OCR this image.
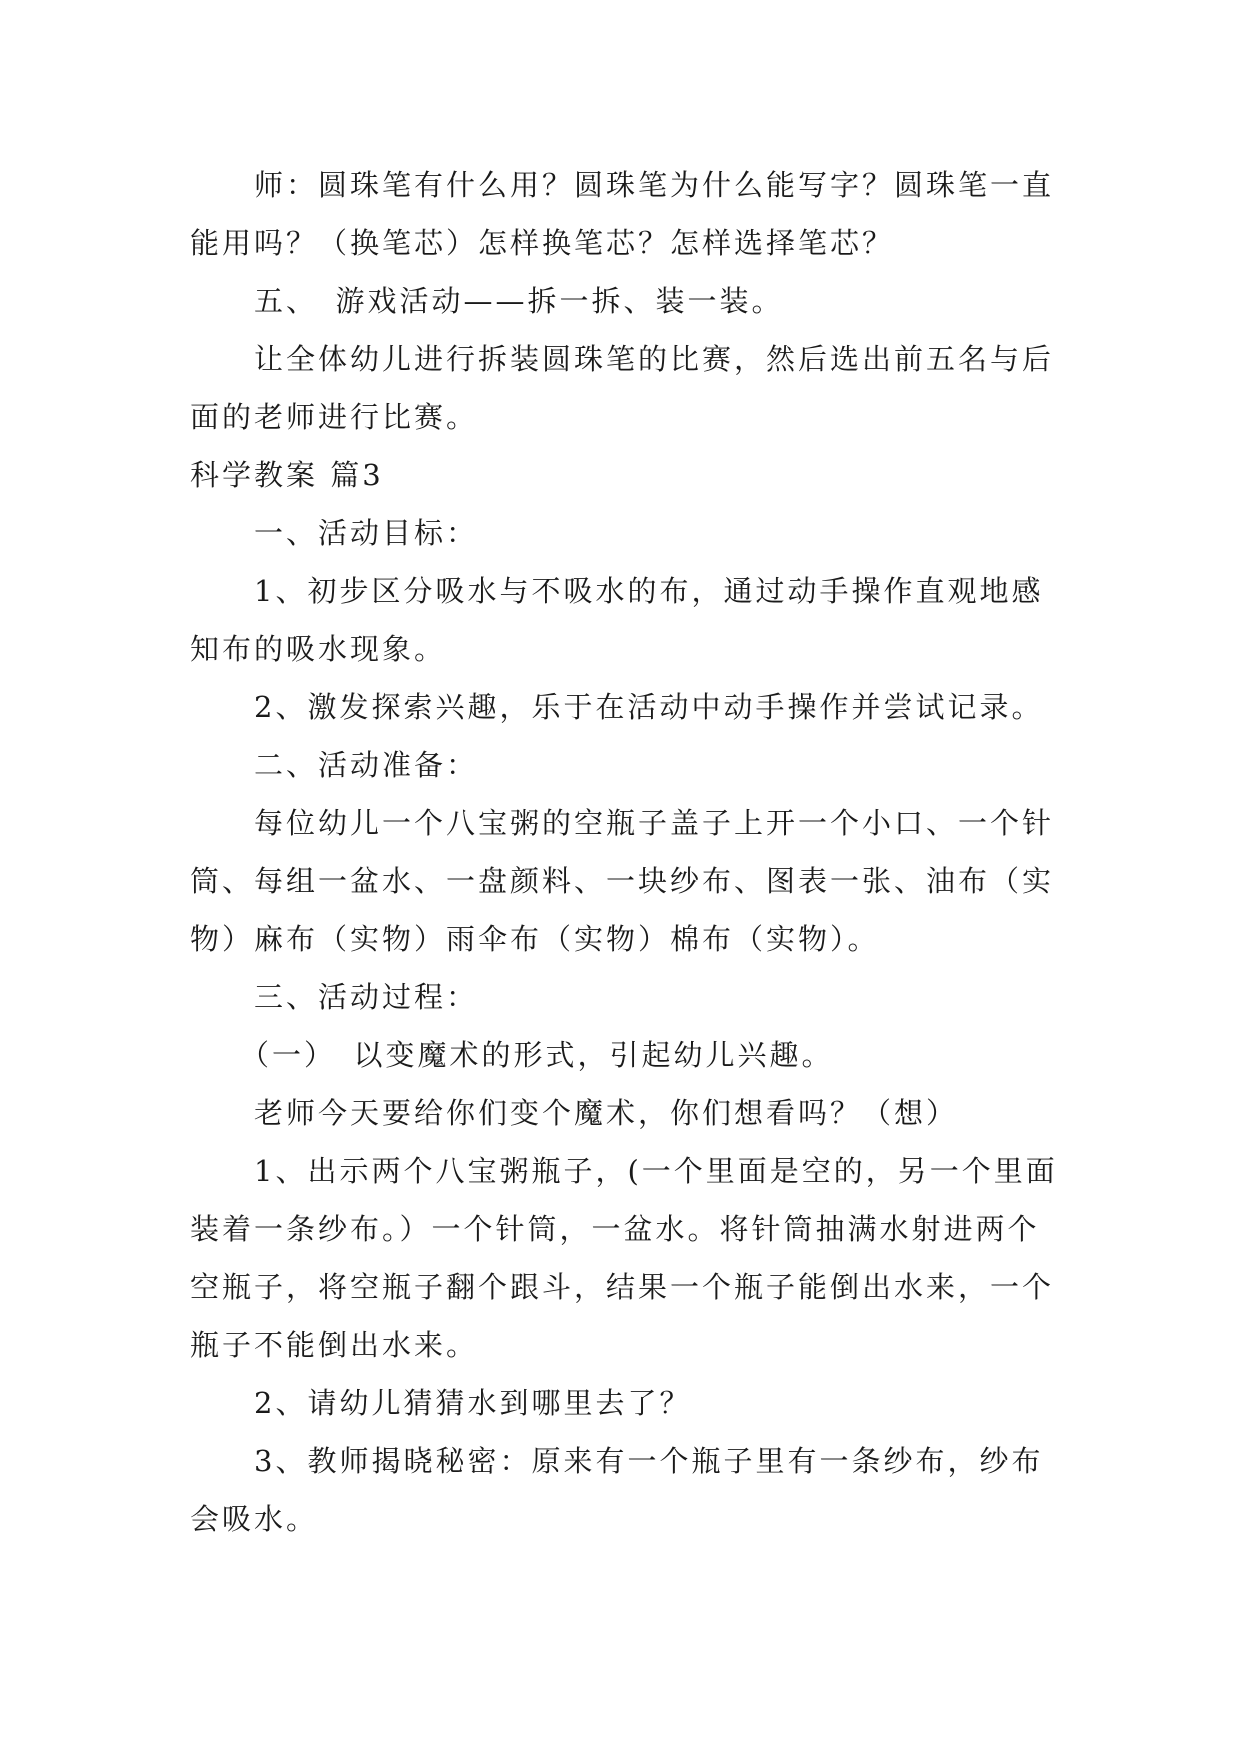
师：圆珠笔有什么用？圆珠笔为什么能写字？圆珠笔一直能用吗？（换笔芯）怎样换笔芯？怎样选择笔芯？

五、　游戏活动——拆一拆、装一装。

让全体幼儿进行拆装圆珠笔的比赛，然后选出前五名与后面的老师进行比赛。

科学教案 篇3

一、活动目标：

1、初步区分吸水与不吸水的布，通过动手操作直观地感知布的吸水现象。

2、激发探索兴趣，乐于在活动中动手操作并尝试记录。

二、活动准备：

每位幼儿一个八宝粥的空瓶子盖子上开一个小口、一个针筒、每组一盆水、一盘颜料、一块纱布、图表一张、油布（实物）麻布（实物）雨伞布（实物）棉布（实物）。

三、活动过程：

（一）　以变魔术的形式，引起幼儿兴趣。

老师今天要给你们变个魔术，你们想看吗？（想）

1、出示两个八宝粥瓶子，(一个里面是空的，另一个里面装着一条纱布。）一个针筒，一盆水。将针筒抽满水射进两个空瓶子，将空瓶子翻个跟斗，结果一个瓶子能倒出水来，一个瓶子不能倒出水来。

2、请幼儿猜猜水到哪里去了？

3、教师揭晓秘密：原来有一个瓶子里有一条纱布，纱布会吸水。
